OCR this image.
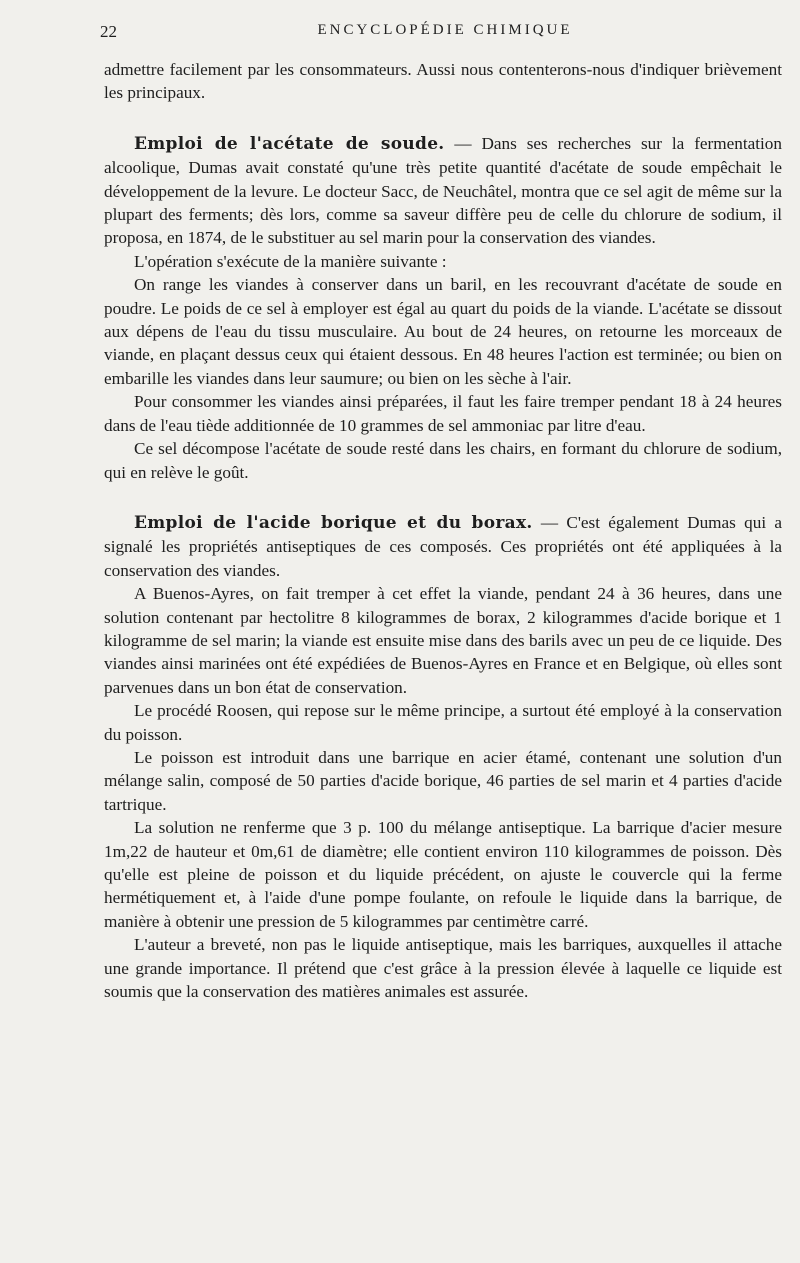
22	ENCYCLOPÉDIE CHIMIQUE

admettre facilement par les consommateurs. Aussi nous contenterons-nous d'indiquer brièvement les principaux.

Emploi de l'acétate de soude. — Dans ses recherches sur la fermentation alcoolique, Dumas avait constaté qu'une très petite quantité d'acétate de soude empêchait le développement de la levure. Le docteur Sacc, de Neuchâtel, montra que ce sel agit de même sur la plupart des ferments; dès lors, comme sa saveur diffère peu de celle du chlorure de sodium, il proposa, en 1874, de le substituer au sel marin pour la conservation des viandes.

L'opération s'exécute de la manière suivante :

On range les viandes à conserver dans un baril, en les recouvrant d'acétate de soude en poudre. Le poids de ce sel à employer est égal au quart du poids de la viande. L'acétate se dissout aux dépens de l'eau du tissu musculaire. Au bout de 24 heures, on retourne les morceaux de viande, en plaçant dessus ceux qui étaient dessous. En 48 heures l'action est terminée; ou bien on embarille les viandes dans leur saumure; ou bien on les sèche à l'air.

Pour consommer les viandes ainsi préparées, il faut les faire tremper pendant 18 à 24 heures dans de l'eau tiède additionnée de 10 grammes de sel ammoniac par litre d'eau.

Ce sel décompose l'acétate de soude resté dans les chairs, en formant du chlorure de sodium, qui en relève le goût.

Emploi de l'acide borique et du borax. — C'est également Dumas qui a signalé les propriétés antiseptiques de ces composés. Ces propriétés ont été appliquées à la conservation des viandes.

A Buenos-Ayres, on fait tremper à cet effet la viande, pendant 24 à 36 heures, dans une solution contenant par hectolitre 8 kilogrammes de borax, 2 kilogrammes d'acide borique et 1 kilogramme de sel marin; la viande est ensuite mise dans des barils avec un peu de ce liquide. Des viandes ainsi marinées ont été expédiées de Buenos-Ayres en France et en Belgique, où elles sont parvenues dans un bon état de conservation.

Le procédé Roosen, qui repose sur le même principe, a surtout été employé à la conservation du poisson.

Le poisson est introduit dans une barrique en acier étamé, contenant une solution d'un mélange salin, composé de 50 parties d'acide borique, 46 parties de sel marin et 4 parties d'acide tartrique.

La solution ne renferme que 3 p. 100 du mélange antiseptique. La barrique d'acier mesure 1m,22 de hauteur et 0m,61 de diamètre; elle contient environ 110 kilogrammes de poisson. Dès qu'elle est pleine de poisson et du liquide précédent, on ajuste le couvercle qui la ferme hermétiquement et, à l'aide d'une pompe foulante, on refoule le liquide dans la barrique, de manière à obtenir une pression de 5 kilogrammes par centimètre carré.

L'auteur a breveté, non pas le liquide antiseptique, mais les barriques, auxquelles il attache une grande importance. Il prétend que c'est grâce à la pression élevée à laquelle ce liquide est soumis que la conservation des matières animales est assurée.
